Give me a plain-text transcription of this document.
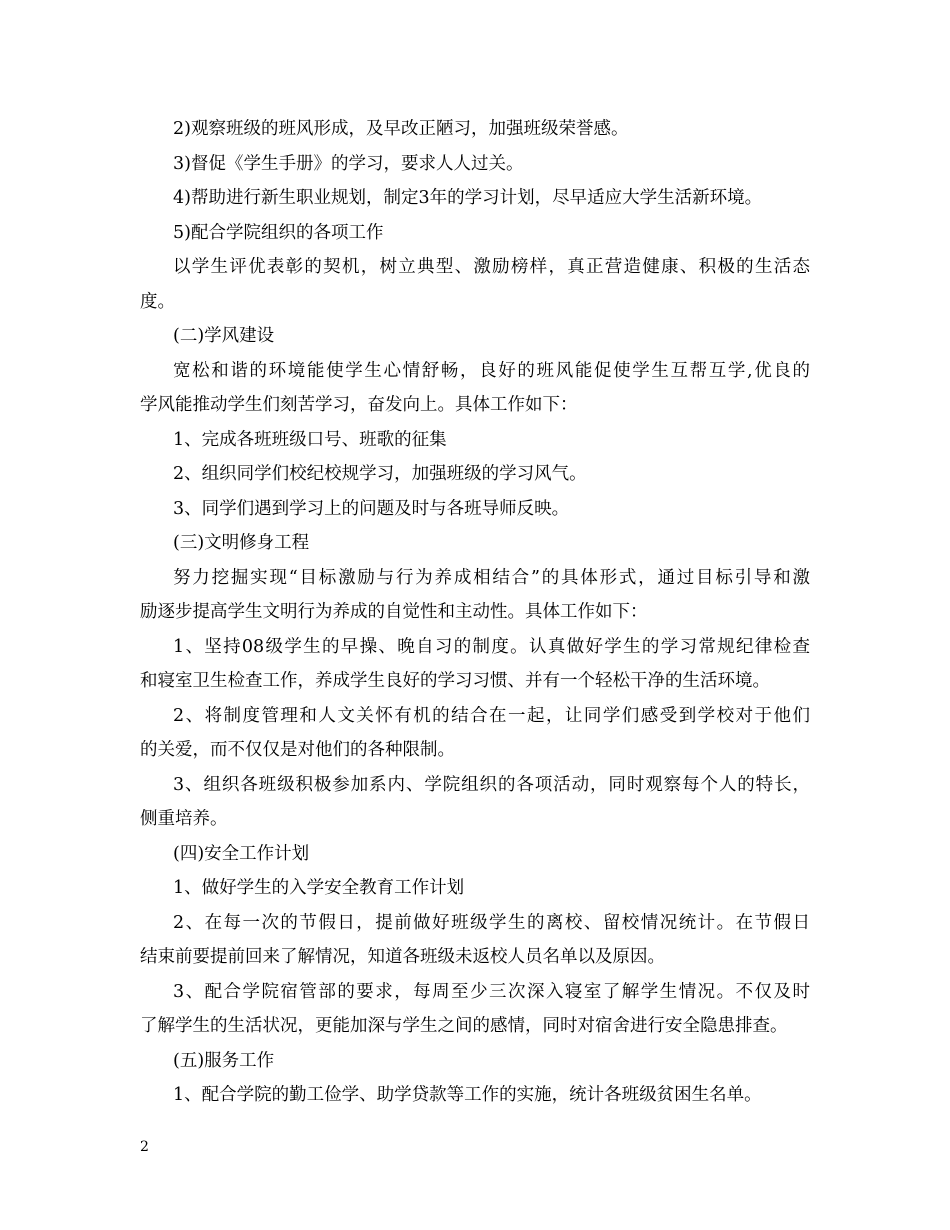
2)观察班级的班风形成，及早改正陋习，加强班级荣誉感。

3)督促《学生手册》的学习，要求人人过关。

4)帮助进行新生职业规划，制定3年的学习计划，尽早适应大学生活新环境。

5)配合学院组织的各项工作

以学生评优表彰的契机，树立典型、激励榜样，真正营造健康、积极的生活态

度。

(二)学风建设

宽松和谐的环境能使学生心情舒畅，良好的班风能促使学生互帮互学,优良的

学风能推动学生们刻苦学习，奋发向上。具体工作如下：

1、完成各班班级口号、班歌的征集

2、组织同学们校纪校规学习，加强班级的学习风气。

3、同学们遇到学习上的问题及时与各班导师反映。

(三)文明修身工程

努力挖掘实现“目标激励与行为养成相结合”的具体形式，通过目标引导和激

励逐步提高学生文明行为养成的自觉性和主动性。具体工作如下：

1、坚持08级学生的早操、晚自习的制度。认真做好学生的学习常规纪律检查

和寝室卫生检查工作，养成学生良好的学习习惯、并有一个轻松干净的生活环境。

2、将制度管理和人文关怀有机的结合在一起，让同学们感受到学校对于他们

的关爱，而不仅仅是对他们的各种限制。

3、组织各班级积极参加系内、学院组织的各项活动，同时观察每个人的特长，

侧重培养。

(四)安全工作计划

1、做好学生的入学安全教育工作计划

2、在每一次的节假日，提前做好班级学生的离校、留校情况统计。在节假日

结束前要提前回来了解情况，知道各班级未返校人员名单以及原因。

3、配合学院宿管部的要求，每周至少三次深入寝室了解学生情况。不仅及时

了解学生的生活状况，更能加深与学生之间的感情，同时对宿舍进行安全隐患排查。

(五)服务工作

1、配合学院的勤工俭学、助学贷款等工作的实施，统计各班级贫困生名单。

2
